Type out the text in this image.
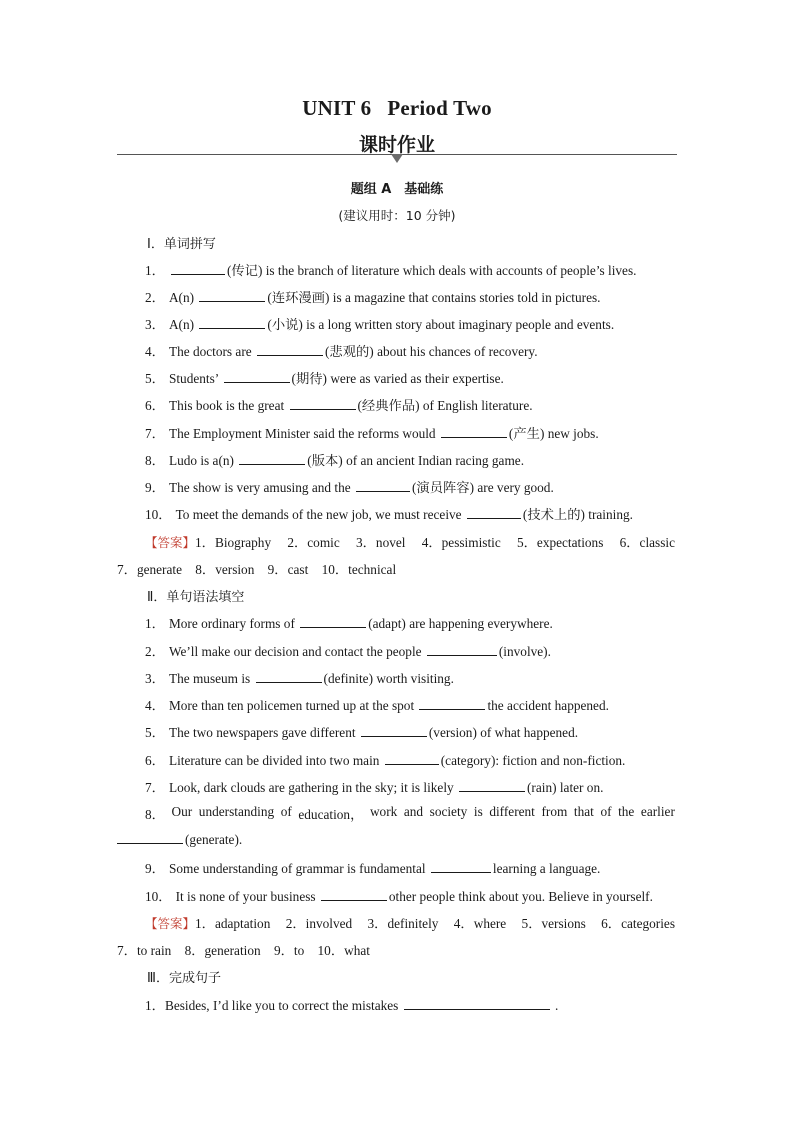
UNIT 6 Period Two
课时作业
题组 A　基础练
(建议用时：10 分钟)
Ⅰ．单词拼写
1．	(传记) is the branch of literature which deals with accounts of people’s lives.
2． A(n)	(连环漫画) is a magazine that contains stories told in pictures.
3． A(n)	(小说) is a long written story about imaginary people and events.
4． The doctors are	(悲观的) about his chances of recovery.
5． Students’	(期待) were as varied as their expertise.
6． This book is the great	(经典作品) of English literature.
7． The Employment Minister said the reforms would	(产生) new jobs.
8． Ludo is a(n)	(版本) of an ancient Indian racing game.
9． The show is very amusing and the	(演员阵容) are very good.
10． To meet the demands of the new job, we must receive	(技术上的) training.
【答案】1．Biography 2．comic 3．novel 4．pessimistic 5．expectations 6．classic
7．generate　8．version　9．cast　10．technical
Ⅱ．单句语法填空
1． More ordinary forms of	(adapt) are happening everywhere.
2． We’ll make our decision and contact the people	(involve).
3． The museum is	(definite) worth visiting.
4． More than ten policemen turned up at the spot	the accident happened.
5． The two newspapers gave different	(version) of what happened.
6． Literature can be divided into two main	(category): fiction and non-fiction.
7． Look, dark clouds are gathering in the sky; it is likely	(rain) later on.
8． Our understanding of education， work and society is different from that of the earlier
(generate).
9． Some understanding of grammar is fundamental	learning a language.
10． It is none of your business	other people think about you. Believe in yourself.
【答案】1．adaptation 2．involved 3．definitely 4．where 5．versions 6．categories
7．to rain　8．generation　9．to　10．what
Ⅲ．完成句子
1．Besides, I’d like you to correct the mistakes	.
